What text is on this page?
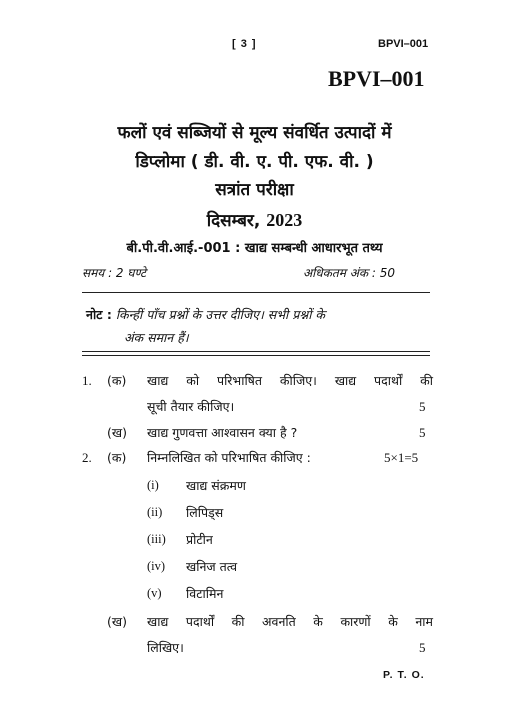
[ 3 ]	BPVI–001
BPVI–001
फलों एवं सब्जियों से मूल्य संवर्धित उत्पादों में
डिप्लोमा ( डी. वी. ए. पी. एफ. वी. )
सत्रांत परीक्षा
दिसम्बर, 2023
बी.पी.वी.आई.-001 : खाद्य सम्बन्धी आधारभूत तथ्य
समय : 2 घण्टे	अधिकतम अंक : 50
नोट : किन्हीं पाँच प्रश्नों के उत्तर दीजिए। सभी प्रश्नों के
अंक समान हैं।
1. (क) खाद्य को परिभाषित कीजिए। खाद्य पदार्थों की
सूची तैयार कीजिए।	5
(ख) खाद्य गुणवत्ता आश्वासन क्या है ?	5
2. (क) निम्नलिखित को परिभाषित कीजिए :	5×1=5
(i) खाद्य संक्रमण
(ii) लिपिड्स
(iii) प्रोटीन
(iv) खनिज तत्व
(v) विटामिन
(ख) खाद्य पदार्थों की अवनति के कारणों के नाम
लिखिए।	5
P. T. O.
